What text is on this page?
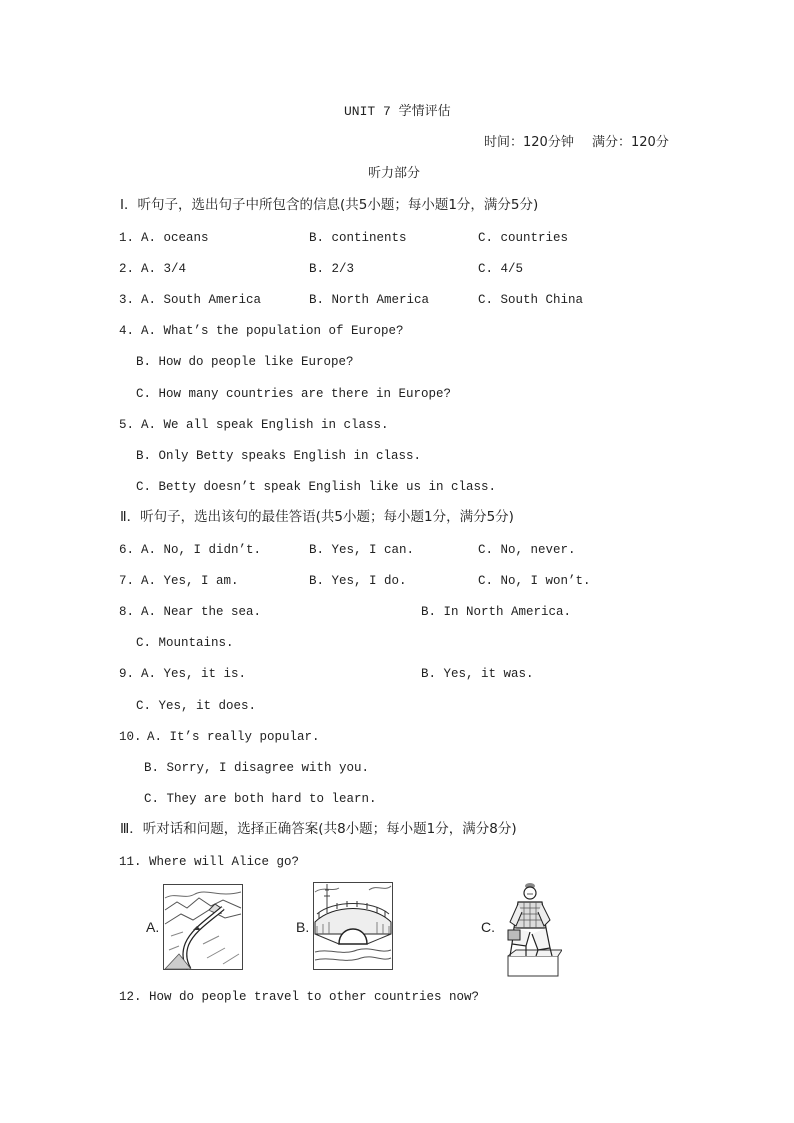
UNIT 7 学情评估
时间：120分钟 满分：120分
听力部分
Ⅰ．听句子，选出句子中所包含的信息(共5小题；每小题1分，满分5分)
1. A. oceans	B. continents	C. countries
2. A. 3/4	B. 2/3	C. 4/5
3. A. South America	B. North America	C. South China
4. A. What’s the population of Europe?
B. How do people like Europe?
C. How many countries are there in Europe?
5. A. We all speak English in class.
B. Only Betty speaks English in class.
C. Betty doesn’t speak English like us in class.
Ⅱ．听句子，选出该句的最佳答语(共5小题；每小题1分，满分5分)
6. A. No, I didn’t.	B. Yes, I can.	C. No, never.
7. A. Yes, I am.	B. Yes, I do.	C. No, I won’t.
8. A. Near the sea.	B. In North America.
C. Mountains.
9. A. Yes, it is.	B. Yes, it was.
C. Yes, it does.
10. A. It’s really popular.
B. Sorry, I disagree with you.
C. They are both hard to learn.
Ⅲ．听对话和问题，选择正确答案(共8小题；每小题1分，满分8分)
11. Where will Alice go?
A.	B.	C.
12. How do people travel to other countries now?
